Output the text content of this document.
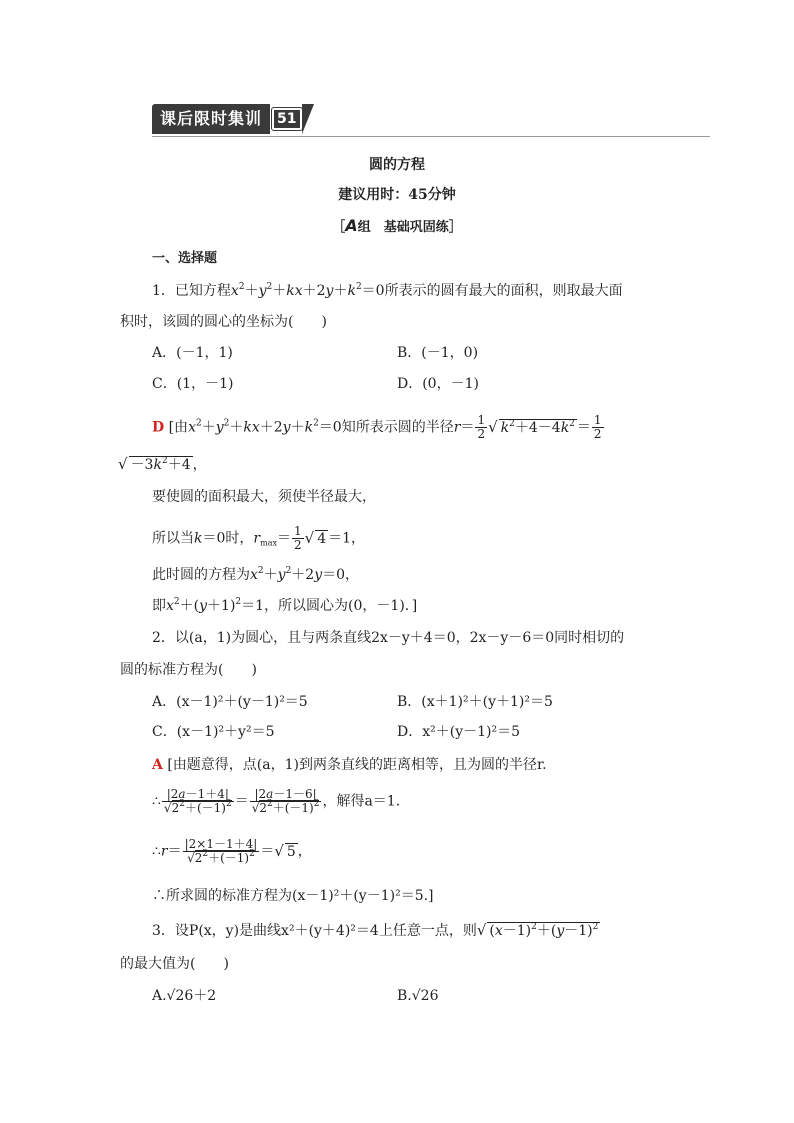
课后限时集训	51
圆的方程
建议用时：45分钟
［A组　基础巩固练］
一、选择题
1．已知方程$x^2+y^2+kx+2y+k^2=0$所表示的圆有最大的面积，则取最大面
积时，该圆的圆心的坐标为(　　)
A．(－1，1)	B．(－1，0)
C．(1，－1)	D．(0，－1)
D [由$x^2+y^2+kx+2y+k^2=0$知所表示圆的半径$r= \frac{1}{2}$ √ $k^2+4-4k^2 = \frac{1}{2}$
√ $-3k^2+4$ ，
要使圆的面积最大，须使半径最大，
所以当k＝0时，$r_{max}= \frac{1}{2}$ √ 4 ＝1，
此时圆的方程为$x^2+y^2+2y=0$，
即$x^2+(y+1)^2=1$，所以圆心为(0，－1)．]
2．以(a，1)为圆心，且与两条直线2x－y＋4＝0，2x－y－6＝0同时相切的
圆的标准方程为(　　)
A．(x－1)²＋(y－1)²＝5	B．(x＋1)²＋(y＋1)²＝5
C．(x－1)²＋y²＝5	D．x²＋(y－1)²＝5
A [由题意得，点(a，1)到两条直线的距离相等，且为圆的半径r.
∴ $\frac{|2a-1+4|}{√2^2+(-1)^2} = \frac{|2a-1-6|}{√2^2+(-1)^2}$ ，解得a＝1.
∴r＝ $\frac{|2\times 1-1+4|}{√2^2+(-1)^2}$ ＝√ 5 ，
∴所求圆的标准方程为(x－1)²＋(y－1)²＝5.]
3．设P(x，y)是曲线x²＋(y＋4)²＝4上任意一点，则√ $(x-1)^2+(y-1)^2$
的最大值为(　　)
A.√26＋2	B.√26
